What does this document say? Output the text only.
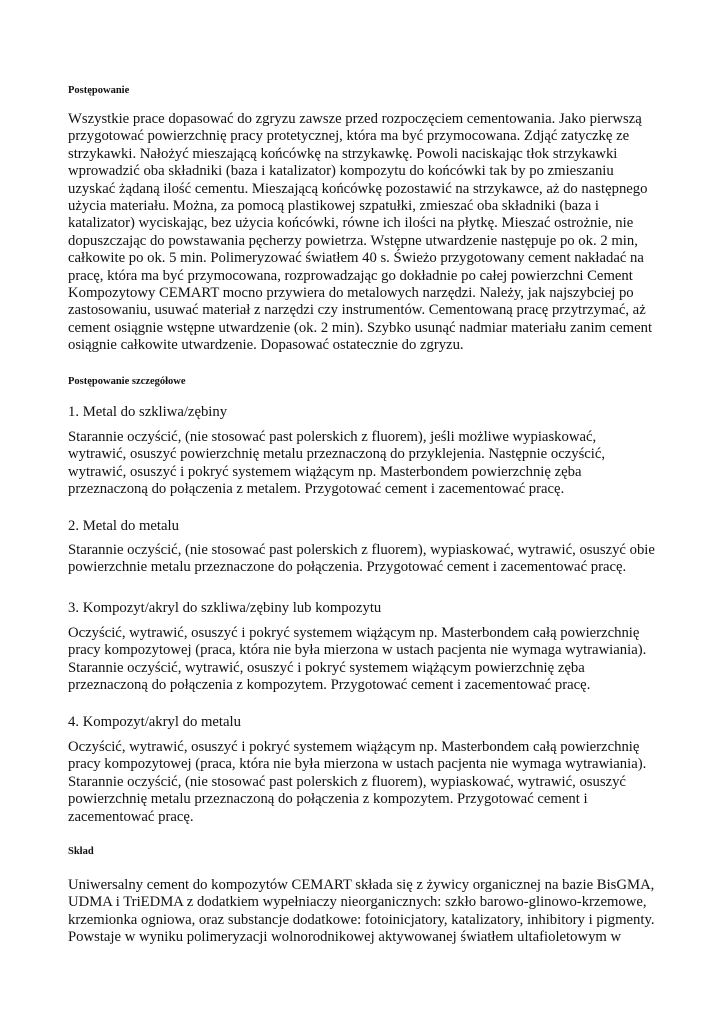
Postępowanie

Wszystkie prace dopasować do zgryzu zawsze przed rozpoczęciem cementowania. Jako pierwszą przygotować powierzchnię pracy protetycznej, która ma być przymocowana. Zdjąć zatyczkę ze strzykawki. Nałożyć mieszającą końcówkę na strzykawkę. Powoli naciskając tłok strzykawki wprowadzić oba składniki (baza i katalizator) kompozytu do końcówki tak by po zmieszaniu uzyskać żądaną ilość cementu. Mieszającą końcówkę pozostawić na strzykawce, aż do następnego użycia materiału. Można, za pomocą plastikowej szpatułki, zmieszać oba składniki (baza i katalizator) wyciskając, bez użycia końcówki, równe ich ilości na płytkę. Mieszać ostrożnie, nie dopuszczając do powstawania pęcherzy powietrza. Wstępne utwardzenie następuje po ok. 2 min, całkowite po ok. 5 min. Polimeryzować światłem 40 s. Świeżo przygotowany cement nakładać na pracę, która ma być przymocowana, rozprowadzając go dokładnie po całej powierzchni Cement Kompozytowy CEMART mocno przywiera do metalowych narzędzi. Należy, jak najszybciej po zastosowaniu, usuwać materiał z narzędzi czy instrumentów. Cementowaną pracę przytrzymać, aż cement osiągnie wstępne utwardzenie (ok. 2 min). Szybko usunąć nadmiar materiału zanim cement osiągnie całkowite utwardzenie. Dopasować ostatecznie do zgryzu.

Postępowanie szczegółowe

1. Metal do szkliwa/zębiny

Starannie oczyścić, (nie stosować past polerskich z fluorem), jeśli możliwe wypiaskować, wytrawić, osuszyć powierzchnię metalu przeznaczoną do przyklejenia. Następnie oczyścić, wytrawić, osuszyć i pokryć systemem wiążącym np. Masterbondem powierzchnię zęba przeznaczoną do połączenia z metalem. Przygotować cement i zacementować pracę.

2. Metal do metalu

Starannie oczyścić, (nie stosować past polerskich z fluorem), wypiaskować, wytrawić, osuszyć obie powierzchnie metalu przeznaczone do połączenia. Przygotować cement i zacementować pracę.

3. Kompozyt/akryl do szkliwa/zębiny lub kompozytu

Oczyścić, wytrawić, osuszyć i pokryć systemem wiążącym np. Masterbondem całą powierzchnię pracy kompozytowej (praca, która nie była mierzona w ustach pacjenta nie wymaga wytrawiania). Starannie oczyścić, wytrawić, osuszyć i pokryć systemem wiążącym powierzchnię zęba przeznaczoną do połączenia z kompozytem. Przygotować cement i zacementować pracę.

4. Kompozyt/akryl do metalu

Oczyścić, wytrawić, osuszyć i pokryć systemem wiążącym np. Masterbondem całą powierzchnię pracy kompozytowej (praca, która nie była mierzona w ustach pacjenta nie wymaga wytrawiania). Starannie oczyścić, (nie stosować past polerskich z fluorem), wypiaskować, wytrawić, osuszyć powierzchnię metalu przeznaczoną do połączenia z kompozytem. Przygotować cement i zacementować pracę.

Skład

Uniwersalny cement do kompozytów CEMART składa się z żywicy organicznej na bazie BisGMA, UDMA i TriEDMA z dodatkiem wypełniaczy nieorganicznych: szkło barowo-glinowo-krzemowe, krzemionka ogniowa, oraz substancje dodatkowe: fotoinicjatory, katalizatory, inhibitory i pigmenty. Powstaje w wyniku polimeryzacji wolnorodnikowej aktywowanej światłem ultafioletowym w
